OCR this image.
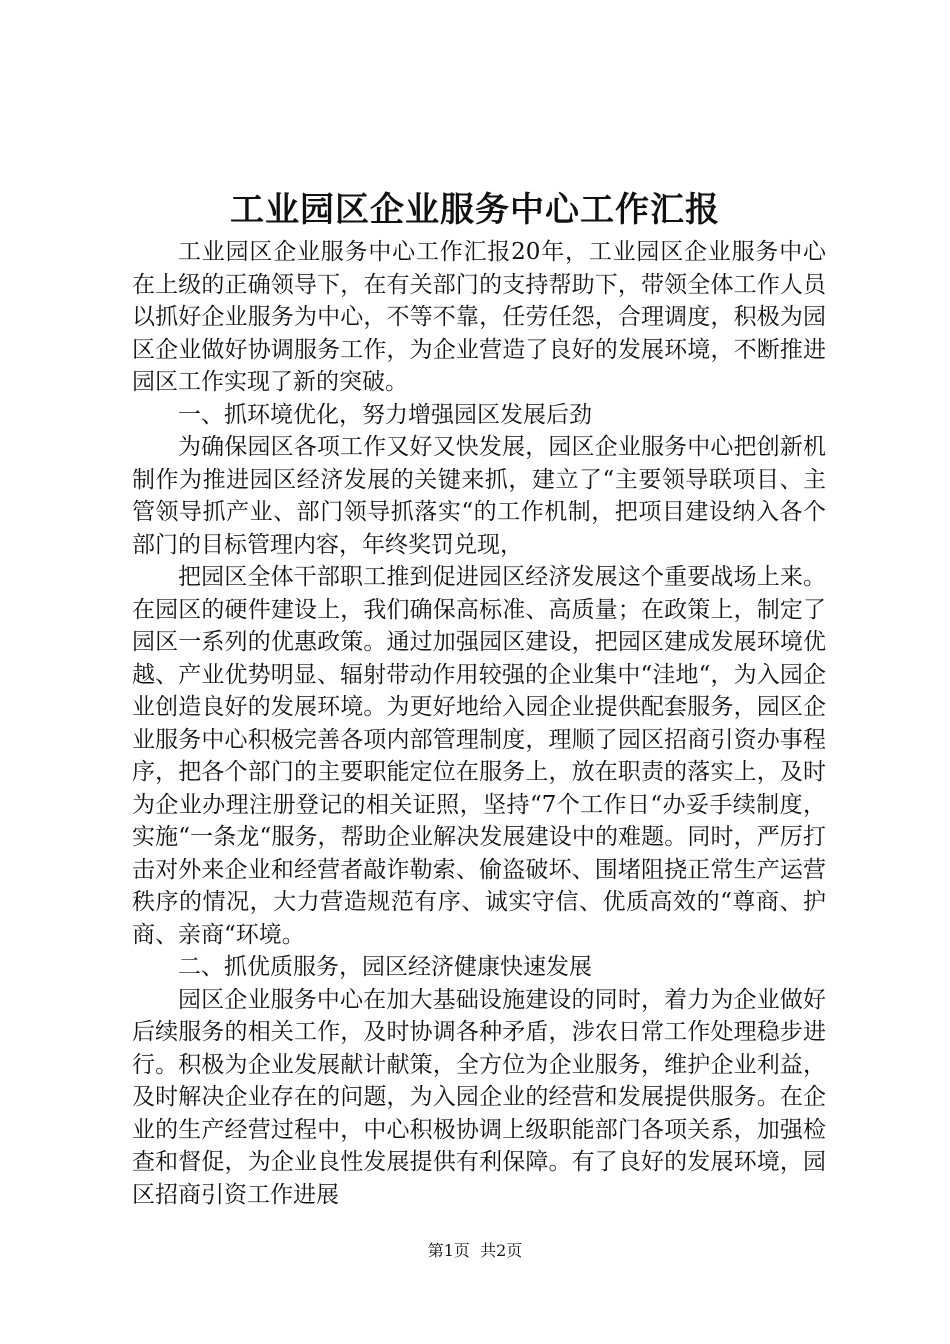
工业园区企业服务中心工作汇报

工业园区企业服务中心工作汇报20年，工业园区企业服务中心在上级的正确领导下，在有关部门的支持帮助下，带领全体工作人员以抓好企业服务为中心，不等不靠，任劳任怨，合理调度，积极为园区企业做好协调服务工作，为企业营造了良好的发展环境，不断推进园区工作实现了新的突破。

一、抓环境优化，努力增强园区发展后劲

为确保园区各项工作又好又快发展，园区企业服务中心把创新机制作为推进园区经济发展的关键来抓，建立了“主要领导联项目、主管领导抓产业、部门领导抓落实“的工作机制，把项目建设纳入各个部门的目标管理内容，年终奖罚兑现，

把园区全体干部职工推到促进园区经济发展这个重要战场上来。在园区的硬件建设上，我们确保高标准、高质量；在政策上，制定了园区一系列的优惠政策。通过加强园区建设，把园区建成发展环境优越、产业优势明显、辐射带动作用较强的企业集中“洼地“，为入园企业创造良好的发展环境。为更好地给入园企业提供配套服务，园区企业服务中心积极完善各项内部管理制度，理顺了园区招商引资办事程序，把各个部门的主要职能定位在服务上，放在职责的落实上，及时为企业办理注册登记的相关证照，坚持“7个工作日“办妥手续制度，实施“一条龙“服务，帮助企业解决发展建设中的难题。同时，严厉打击对外来企业和经营者敲诈勒索、偷盗破坏、围堵阻挠正常生产运营秩序的情况，大力营造规范有序、诚实守信、优质高效的“尊商、护商、亲商“环境。

二、抓优质服务，园区经济健康快速发展

园区企业服务中心在加大基础设施建设的同时，着力为企业做好后续服务的相关工作，及时协调各种矛盾，涉农日常工作处理稳步进行。积极为企业发展献计献策，全方位为企业服务，维护企业利益，及时解决企业存在的问题，为入园企业的经营和发展提供服务。在企业的生产经营过程中，中心积极协调上级职能部门各项关系，加强检查和督促，为企业良性发展提供有利保障。有了良好的发展环境，园区招商引资工作进展

第1页  共2页
